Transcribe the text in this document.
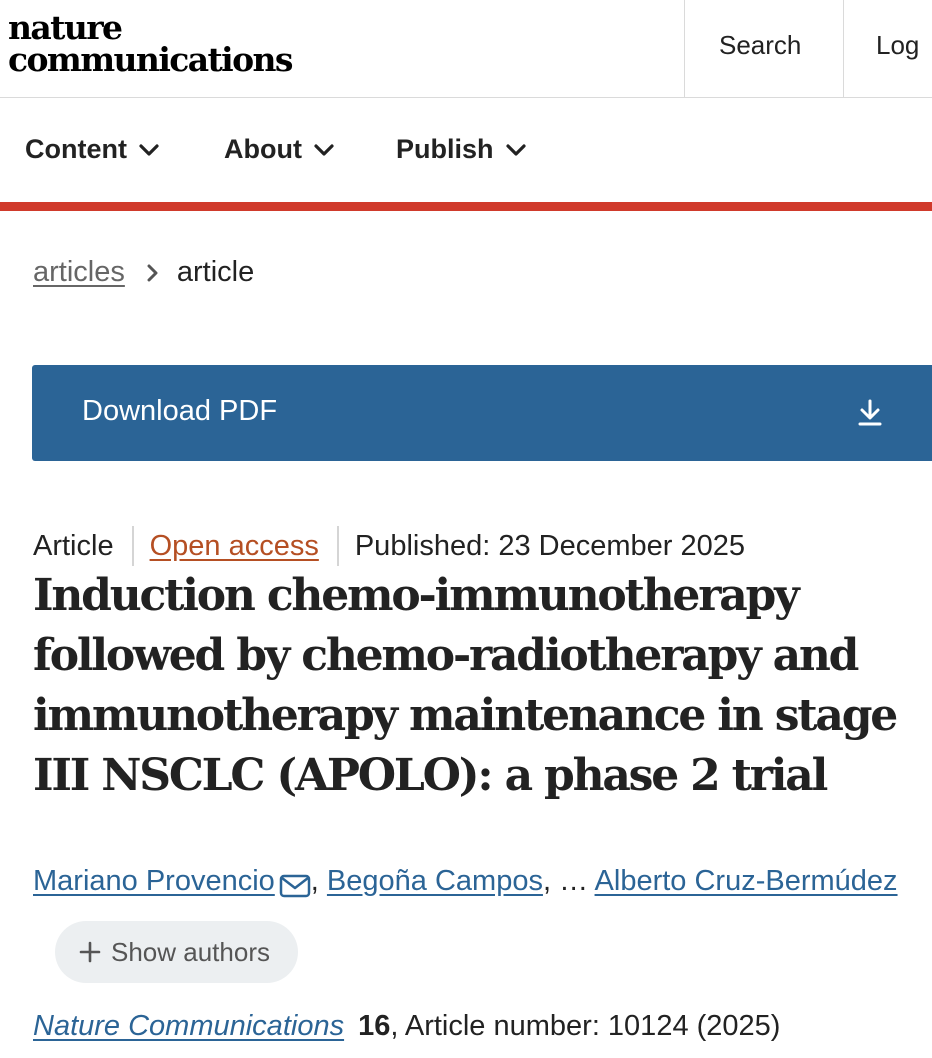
nature
communications	Search	Log
Content	About	Publish
articles article
Download PDF
Article Open access Published: 23 December 2025
Induction chemo-immunotherapy followed by chemo-radiotherapy and immunotherapy maintenance in stage III NSCLC (APOLO): a phase 2 trial
Mariano Provencio , Begoña Campos, … Alberto Cruz-Bermúdez
Show authors
Nature Communications 16, Article number: 10124 (2025)
